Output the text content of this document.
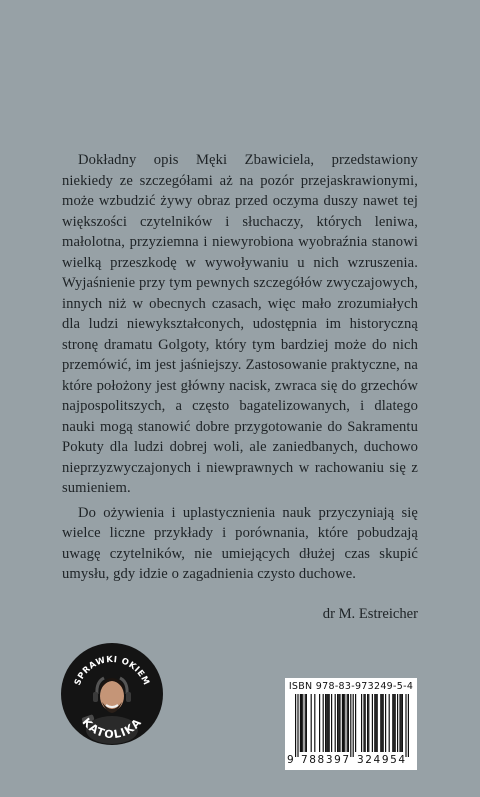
Dokładny opis Męki Zbawiciela, przedstawiony niekiedy ze szczegółami aż na pozór przejaskrawionymi, może wzbudzić żywy obraz przed oczyma duszy nawet tej większości czytelników i słuchaczy, których leniwa, małolotna, przyziemna i niewyrobiona wyobraźnia stanowi wielką przeszkodę w wywoływaniu u nich wzruszenia. Wyjaśnienie przy tym pewnych szczegółów zwyczajowych, innych niż w obecnych czasach, więc mało zrozumiałych dla ludzi niewykształconych, udostępnia im historyczną stronę dramatu Golgoty, który tym bardziej może do nich przemówić, im jest jaśniejszy. Zastosowanie praktyczne, na które położony jest główny nacisk, zwraca się do grzechów najpospolitszych, a często bagatelizowanych, i dlatego nauki mogą stanowić dobre przygotowanie do Sakramentu Pokuty dla ludzi dobrej woli, ale zaniedbanych, duchowo nieprzyzwyczajonych i niewprawnych w rachowaniu się z sumieniem.

Do ożywienia i uplastycznienia nauk przyczyniają się wielce liczne przykłady i porównania, które pobudzają uwagę czytelników, nie umiejących dłużej czas skupić umysłu, gdy idzie o zagadnienia czysto duchowe.

dr M. Estreicher
SPRAWKI OKIEM
KATOLIKA
ISBN 978-83-973249-5-4
9 788397 324954
